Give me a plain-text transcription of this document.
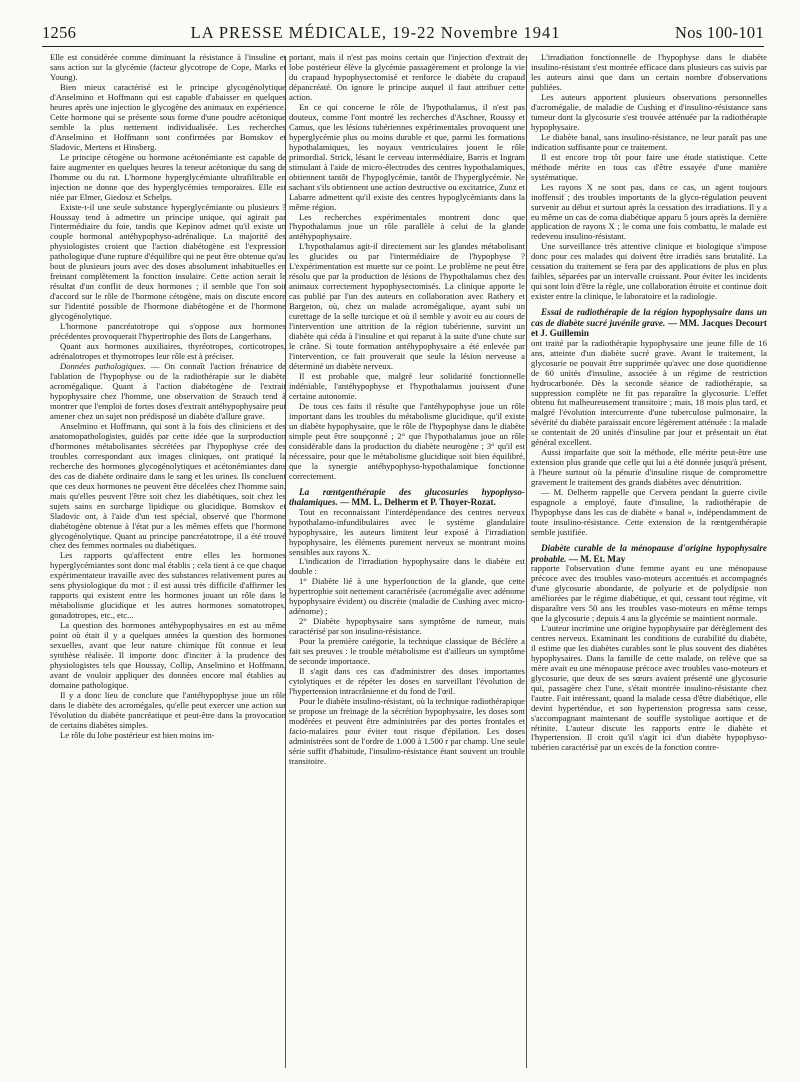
1256	LA PRESSE MÉDICALE, 19-22 Novembre 1941	Nos 100-101

Elle est considérée comme diminuant la résistance à l'insuline et sans action sur la glycémie (facteur glycotrope de Cope, Marks et Young).

Bien mieux caractérisé est le principe glycogénolytique d'Anselmino et Hoffmann qui est capable d'abaisser en quelques heures après une injection le glycogène des animaux en expérience. Cette hormone qui se présente sous forme d'une poudre acétonique semble la plus nettement individualisée. Les recherches d'Anselmino et Hoffmann sont confirmées par Bomskov et Sladovic, Mertens et Hinsberg.

Le principe cétogène ou hormone acétonémiante est capable de faire augmenter en quelques heures la teneur acétonique du sang de l'homme ou du rat. L'hormone hyperglycémiante ultrafiltrable en injection ne donne que des hyperglycémies temporaires. Elle est niée par Elmer, Giedosz et Schelps.

Existe-t-il une seule substance hyperglycémiante ou plusieurs ? Houssay tend à admettre un principe unique, qui agirait par l'intermédiaire du foie, tandis que Kepinov admet qu'il existe un couple hormonal antéhypophyso-adrénalique. La majorité des physiologistes croient que l'action diabétogène est l'expression pathologique d'une rupture d'équilibre qui ne peut être obtenue qu'au bout de plusieurs jours avec des doses absolument inhabituelles en freinant complètement la fonction insulaire. Cette action serait le résultat d'un conflit de deux hormones ; il semble que l'on soit d'accord sur le rôle de l'hormone cétogène, mais on discute encore sur l'identité possible de l'hormone diabétogène et de l'hormone glycogénolytique.

L'hormone pancréatotrope qui s'oppose aux hormones précédentes provoquerait l'hypertrophie des îlots de Langerhans.

Quant aux hormones auxiliaires, thyréotropes, corticotropes, adrénalotropes et thymotropes leur rôle est à préciser.

Données pathologiques. — On connaît l'action frénatrice de l'ablation de l'hypophyse ou de la radiothérapie sur le diabète acromégalique. Quant à l'action diabétogène de l'extrait hypophysaire chez l'homme, une observation de Strauch tend à montrer que l'emploi de fortes doses d'extrait antéhypophysaire peut amener chez un sujet non prédisposé un diabète d'allure grave.

Anselmino et Hoffmann, qui sont à la fois des cliniciens et des anatomopathologistes, guidés par cette idée que la surproduction d'hormones métabolisantes sécrétées par l'hypophyse crée des troubles correspondant aux images cliniques, ont pratiqué la recherche des hormones glycogénolytiques et acétonémiantes dans des cas de diabète ordinaire dans le sang et les urines. Ils concluent que ces deux hormones ne peuvent être décelées chez l'homme sain, mais qu'elles peuvent l'être soit chez les diabétiques, soit chez les sujets sains en surcharge lipidique ou glucidique. Bomskov et Sladovic ont, à l'aide d'un test spécial, observé que l'hormone diabétogène obtenue à l'état pur a les mêmes effets que l'hormone glycogénolytique. Quant au principe pancréatotrope, il a été trouvé chez des femmes normales ou diabétiques.

Les rapports qu'affectent entre elles les hormones hyperglycémiantes sont donc mal établis ; cela tient à ce que chaque expérimentateur travaille avec des substances relativement pures au sens physiologique du mot : il est aussi très difficile d'affirmer les rapports qui existent entre les hormones jouant un rôle dans le métabolisme glucidique et les autres hormones somatotropes, gonadotropes, etc., etc...

La question des hormones antéhypophysaires en est au même point où était il y a quelques années la question des hormones sexuelles, avant que leur nature chimique fût connue et leur synthèse réalisée. Il importe donc d'inciter à la prudence des physiologistes tels que Houssay, Collip, Anselmino et Hoffmann, avant de vouloir appliquer des données encore mal établies au domaine pathologique.

Il y a donc lieu de conclure que l'antéhypophyse joue un rôle dans le diabète des acromégales, qu'elle peut exercer une action sur l'évolution du diabète pancréatique et peut-être dans la provocation de certains diabètes simples.

Le rôle du lobe postérieur est bien moins im-

portant, mais il n'est pas moins certain que l'injection d'extrait de lobe postérieur élève la glycémie passagèrement et prolonge la vie du crapaud hypophysectomisé et renforce le diabète du crapaud dépancréaté. On ignore le principe auquel il faut attribuer cette action.

En ce qui concerne le rôle de l'hypothalamus, il n'est pas douteux, comme l'ont montré les recherches d'Aschner, Roussy et Camus, que les lésions tubériennes expérimentales provoquent une hyperglycémie plus ou moins durable et que, parmi les formations hypothalamiques, les noyaux ventriculaires jouent le rôle primordial. Strick, lésant le cerveau intermédiaire, Barris et Ingram stimulant à l'aide de micro-électrodes des centres hypothalamiques, obtiennent tantôt de l'hypoglycémie, tantôt de l'hyperglycémie. Ne sachant s'ils obtiennent une action destructive ou excitatrice, Zunz et Labarre admettent qu'il existe des centres hypoglycémiants dans la même région.

Les recherches expérimentales montrent donc que l'hypothalamus joue un rôle parallèle à celui de la glande antéhypophysaire.

L'hypothalamus agit-il directement sur les glandes métabolisant les glucides ou par l'intermédiaire de l'hypophyse ? L'expérimentation est muette sur ce point. Le problème ne peut être résolu que par la production de lésions de l'hypothalamus chez des animaux correctement hypophysectomisés. La clinique apporte le cas publié par l'un des auteurs en collaboration avec Rathery et Bargeton, où, chez un malade acromégalique, ayant subi un curettage de la selle turcique et où il semble y avoir eu au cours de l'intervention une attrition de la région tubérienne, survint un diabète qui céda à l'insuline et qui reparut à la suite d'une chute sur le crâne. Si toute formation antéhypophysaire a été enlevée par l'intervention, ce fait prouverait que seule la lésion nerveuse a déterminé un diabète nerveux.

Il est probable que, malgré leur solidarité fonctionnelle indéniable, l'antéhypophyse et l'hypothalamus jouissent d'une certaine autonomie.

De tous ces faits il résulte que l'antéhypophyse joue un rôle important dans les troubles du métabolisme glucidique, qu'il existe un diabète hypophysaire, que le rôle de l'hypophyse dans le diabète simple peut être soupçonné ; 2° que l'hypothalamus joue un rôle considérable dans la production du diabète neurogène ; 3° qu'il est nécessaire, pour que le métabolisme glucidique soit bien équilibré, que la synergie antéhypophyso-hypothalamique fonctionne correctement.

La rœntgenthérapie des glucosuries hypophyso-thalamiques. — MM. L. Delherm et P. Thoyer-Rozat.

Tout en reconnaissant l'interdépendance des centres nerveux hypothalamo-infundibulaires avec le système glandulaire hypophysaire, les auteurs limitent leur exposé à l'irradiation hypophysaire, les éléments purement nerveux se montrant moins sensibles aux rayons X.

L'indication de l'irradiation hypophysaire dans le diabète est double :

1° Diabète lié à une hyperfonction de la glande, que cette hypertrophie soit nettement caractérisée (acromégalie avec adénome hypophysaire évident) ou discrète (maladie de Cushing avec micro-adénome) ;

2° Diabète hypophysaire sans symptôme de tumeur, mais caractérisé par son insulino-résistance.

Pour la première catégorie, la technique classique de Béclère a fait ses preuves : le trouble métabolisme est d'ailleurs un symptôme de seconde importance.

Il s'agit dans ces cas d'administrer des doses importantes cytolytiques et de répéter les doses en surveillant l'évolution de l'hypertension intracrânienne et du fond de l'œil.

Pour le diabète insulino-résistant, où la technique radiothérapique se propose un freinage de la sécrétion hypophysaire, les doses sont modérées et peuvent être administrées par des portes frontales et facio-malaires pour éviter tout risque d'épilation. Les doses administrées sont de l'ordre de 1.000 à 1.500 r par champ. Une seule série suffit d'habitude, l'insulino-résistance étant souvent un trouble transitoire.

L'irradiation fonctionnelle de l'hypophyse dans le diabète insulino-résistant s'est montrée efficace dans plusieurs cas suivis par les auteurs ainsi que dans un certain nombre d'observations publiées.

Les auteurs apportent plusieurs observations personnelles d'acromégalie, de maladie de Cushing et d'insulino-résistance sans tumeur dont la glycosurie s'est trouvée atténuée par la radiothérapie hypophysaire.

Le diabète banal, sans insulino-résistance, ne leur paraît pas une indication suffisante pour ce traitement.

Il est encore trop tôt pour faire une étude statistique. Cette méthode mérite en tous cas d'être essayée d'une manière systématique.

Les rayons X ne sont pas, dans ce cas, un agent toujours inoffensif ; des troubles importants de la glyco-régulation peuvent survenir au début et surtout après la cessation des irradiations. Il y a eu même un cas de coma diabétique apparu 5 jours après la dernière application de rayons X ; le coma une fois combattu, le malade est redevenu insulino-résistant.

Une surveillance très attentive clinique et biologique s'impose donc pour ces malades qui doivent être irradiés sans brutalité. La cessation du traitement se fera par des applications de plus en plus faibles, séparées par un intervalle croissant. Pour éviter les incidents qui sont loin d'être la règle, une collaboration étroite et continue doit exister entre la clinique, le laboratoire et la radiologie.

Essai de radiothérapie de la région hypophysaire dans un cas de diabète sucré juvénile grave. — MM. Jacques Decourt et J. Guillemin

ont traité par la radiothérapie hypophysaire une jeune fille de 16 ans, atteinte d'un diabète sucré grave. Avant le traitement, la glycosurie ne pouvait être supprimée qu'avec une dose quotidienne de 60 unités d'insuline, associée à un régime de restriction hydrocarbonée. Dès la seconde séance de radiothérapie, sa suppression complète ne fit pas reparaître la glycosurie. L'effet obtenu fut malheureusement transitoire ; mais, 18 mois plus tard, et malgré l'évolution intercurrente d'une tuberculose pulmonaire, la sévérité du diabète paraissait encore légèrement atténuée : la malade se contentait de 20 unités d'insuline par jour et présentait un état général excellent.

Aussi imparfaite que soit la méthode, elle mérite peut-être une extension plus grande que celle qui lui a été donnée jusqu'à présent, à l'heure surtout où la pénurie d'insuline risque de compromettre gravement le traitement des grands diabètes avec dénutrition.

— M. Delherm rappelle que Cervera pendant la guerre civile espagnole a employé, faute d'insuline, la radiothérapie de l'hypophyse dans les cas de diabète « banal », indépendamment de toute insulino-résistance. Cette extension de la rœntgenthérapie semble justifiée.

Diabète curable de la ménopause d'origine hypophysaire probable. — M. Et. May

rapporte l'observation d'une femme ayant eu une ménopause précoce avec des troubles vaso-moteurs accentués et accompagnés d'une glycosurie abondante, de polyurie et de polydipsie non améliorées par le régime diabétique, et qui, cessant tout régime, vit disparaître vers 50 ans les troubles vaso-moteurs en même temps que la glycosurie ; depuis 4 ans la glycémie se maintient normale.

L'auteur incrimine une origine hypophysaire par dérèglement des centres nerveux. Examinant les conditions de curabilité du diabète, il estime que les diabètes curables sont le plus souvent des diabètes hypophysaires. Dans la famille de cette malade, on relève que sa mère avait eu une ménopause précoce avec troubles vaso-moteurs et glycosurie, que deux de ses sœurs avaient présenté une glycosurie qui, passagère chez l'une, s'était montrée insulino-résistante chez l'autre. Fait intéressant, quand la malade cessa d'être diabétique, elle devint hyperténdue, et son hypertension progressa sans cesse, s'accompagnant maintenant de souffle systolique aortique et de rétinite. L'auteur discute les rapports entre le diabète et l'hypertension. Il croit qu'il s'agit ici d'un diabète hypophyso-tubérien caractérisé par un excès de la fonction contre-
